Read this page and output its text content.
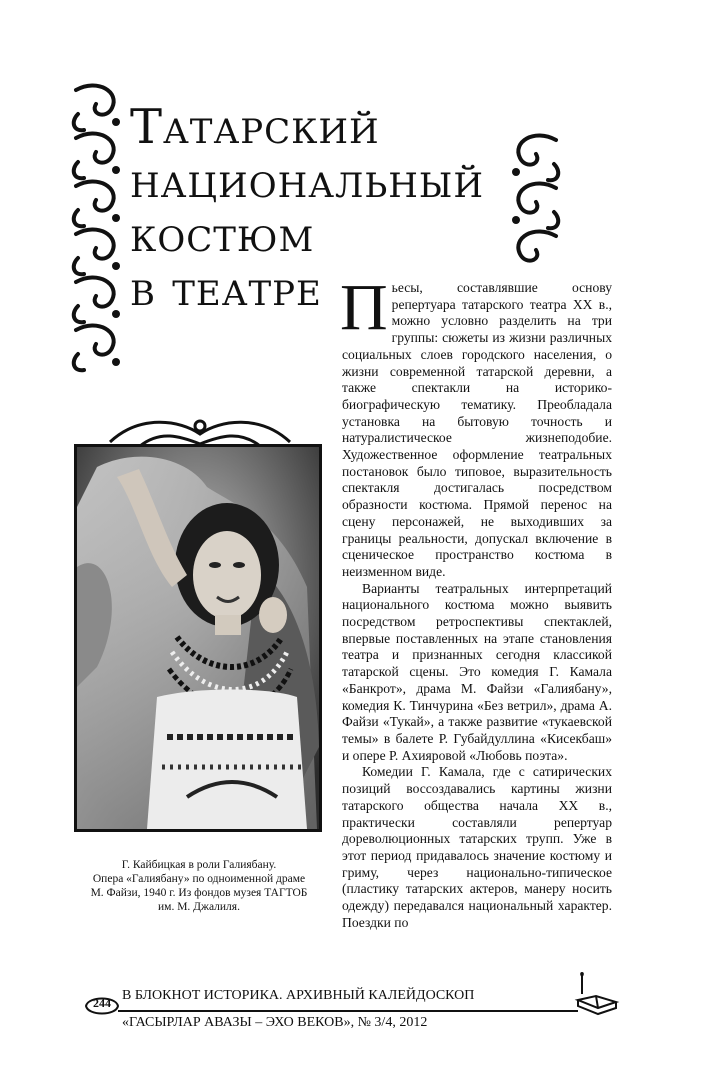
Татарский
национальный
костюм
в театре
Г. Кайбицкая в роли Галиябану.
Опера «Галиябану» по одноименной драме
М. Файзи, 1940 г. Из фондов музея ТАГТОБ
им. М. Джалиля.

Пьесы, составлявшие основу репертуара татарского театра XX в., можно условно разделить на три группы: сюжеты из жизни различных социальных слоев городского населения, о жизни современной татарской деревни, а также спектакли на историко-биографическую тематику. Преобладала установка на бытовую точность и натуралистическое жизнеподобие. Художественное оформление театральных постановок было типовое, выразительность спектакля достигалась посредством образности костюма. Прямой перенос на сцену персонажей, не выходивших за границы реальности, допускал включение в сценическое пространство костюма в неизменном виде.

Варианты театральных интерпретаций национального костюма можно выявить посредством ретроспективы спектаклей, впервые поставленных на этапе становления театра и признанных сегодня классикой татарской сцены. Это комедия Г. Камала «Банкрот», драма М. Файзи «Галиябану», комедия К. Тинчурина «Без ветрил», драма А. Файзи «Тукай», а также развитие «тукаевской темы» в балете Р. Губайдуллина «Кисекбаш» и опере Р. Ахияровой «Любовь поэта».

Комедии Г. Камала, где с сатирических позиций воссоздавались картины жизни татарского общества начала XX в., практически составляли репертуар дореволюционных татарских трупп. Уже в этот период придавалось значение костюму и гриму, через национально-типическое (пластику татарских актеров, манеру носить одежду) передавался национальный характер. Поездки по

244 В БЛОКНОТ ИСТОРИКА. АРХИВНЫЙ КАЛЕЙДОСКОП
«ГАСЫРЛАР АВАЗЫ – ЭХО ВЕКОВ», № 3/4, 2012
